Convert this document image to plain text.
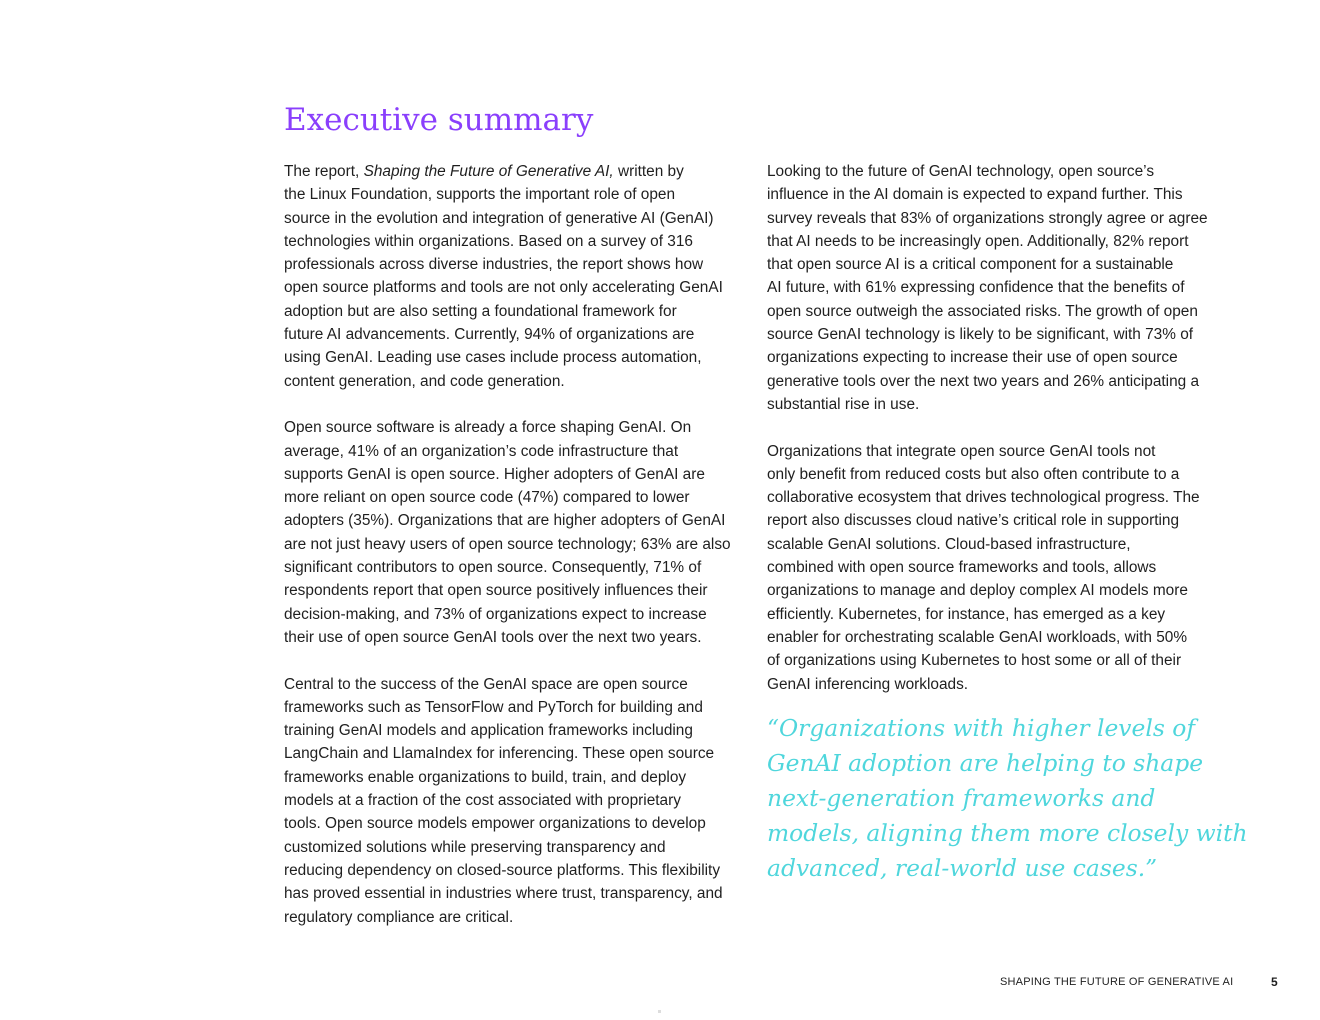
Executive summary
The report, Shaping the Future of Generative AI, written by
the Linux Foundation, supports the important role of open
source in the evolution and integration of generative AI (GenAI)
technologies within organizations. Based on a survey of 316
professionals across diverse industries, the report shows how
open source platforms and tools are not only accelerating GenAI
adoption but are also setting a foundational framework for
future AI advancements. Currently, 94% of organizations are
using GenAI. Leading use cases include process automation,
content generation, and code generation.
Open source software is already a force shaping GenAI. On
average, 41% of an organization’s code infrastructure that
supports GenAI is open source. Higher adopters of GenAI are
more reliant on open source code (47%) compared to lower
adopters (35%). Organizations that are higher adopters of GenAI
are not just heavy users of open source technology; 63% are also
significant contributors to open source. Consequently, 71% of
respondents report that open source positively influences their
decision-making, and 73% of organizations expect to increase
their use of open source GenAI tools over the next two years.
Central to the success of the GenAI space are open source
frameworks such as TensorFlow and PyTorch for building and
training GenAI models and application frameworks including
LangChain and LlamaIndex for inferencing. These open source
frameworks enable organizations to build, train, and deploy
models at a fraction of the cost associated with proprietary
tools. Open source models empower organizations to develop
customized solutions while preserving transparency and
reducing dependency on closed-source platforms. This flexibility
has proved essential in industries where trust, transparency, and
regulatory compliance are critical.
Looking to the future of GenAI technology, open source’s
influence in the AI domain is expected to expand further. This
survey reveals that 83% of organizations strongly agree or agree
that AI needs to be increasingly open. Additionally, 82% report
that open source AI is a critical component for a sustainable
AI future, with 61% expressing confidence that the benefits of
open source outweigh the associated risks. The growth of open
source GenAI technology is likely to be significant, with 73% of
organizations expecting to increase their use of open source
generative tools over the next two years and 26% anticipating a
substantial rise in use.
Organizations that integrate open source GenAI tools not
only benefit from reduced costs but also often contribute to a
collaborative ecosystem that drives technological progress. The
report also discusses cloud native’s critical role in supporting
scalable GenAI solutions. Cloud-based infrastructure,
combined with open source frameworks and tools, allows
organizations to manage and deploy complex AI models more
efficiently. Kubernetes, for instance, has emerged as a key
enabler for orchestrating scalable GenAI workloads, with 50%
of organizations using Kubernetes to host some or all of their
GenAI inferencing workloads.
“Organizations with higher levels of
GenAI adoption are helping to shape
next-generation frameworks and
models, aligning them more closely with
advanced, real-world use cases.”
SHAPING THE FUTURE OF GENERATIVE AI	5
